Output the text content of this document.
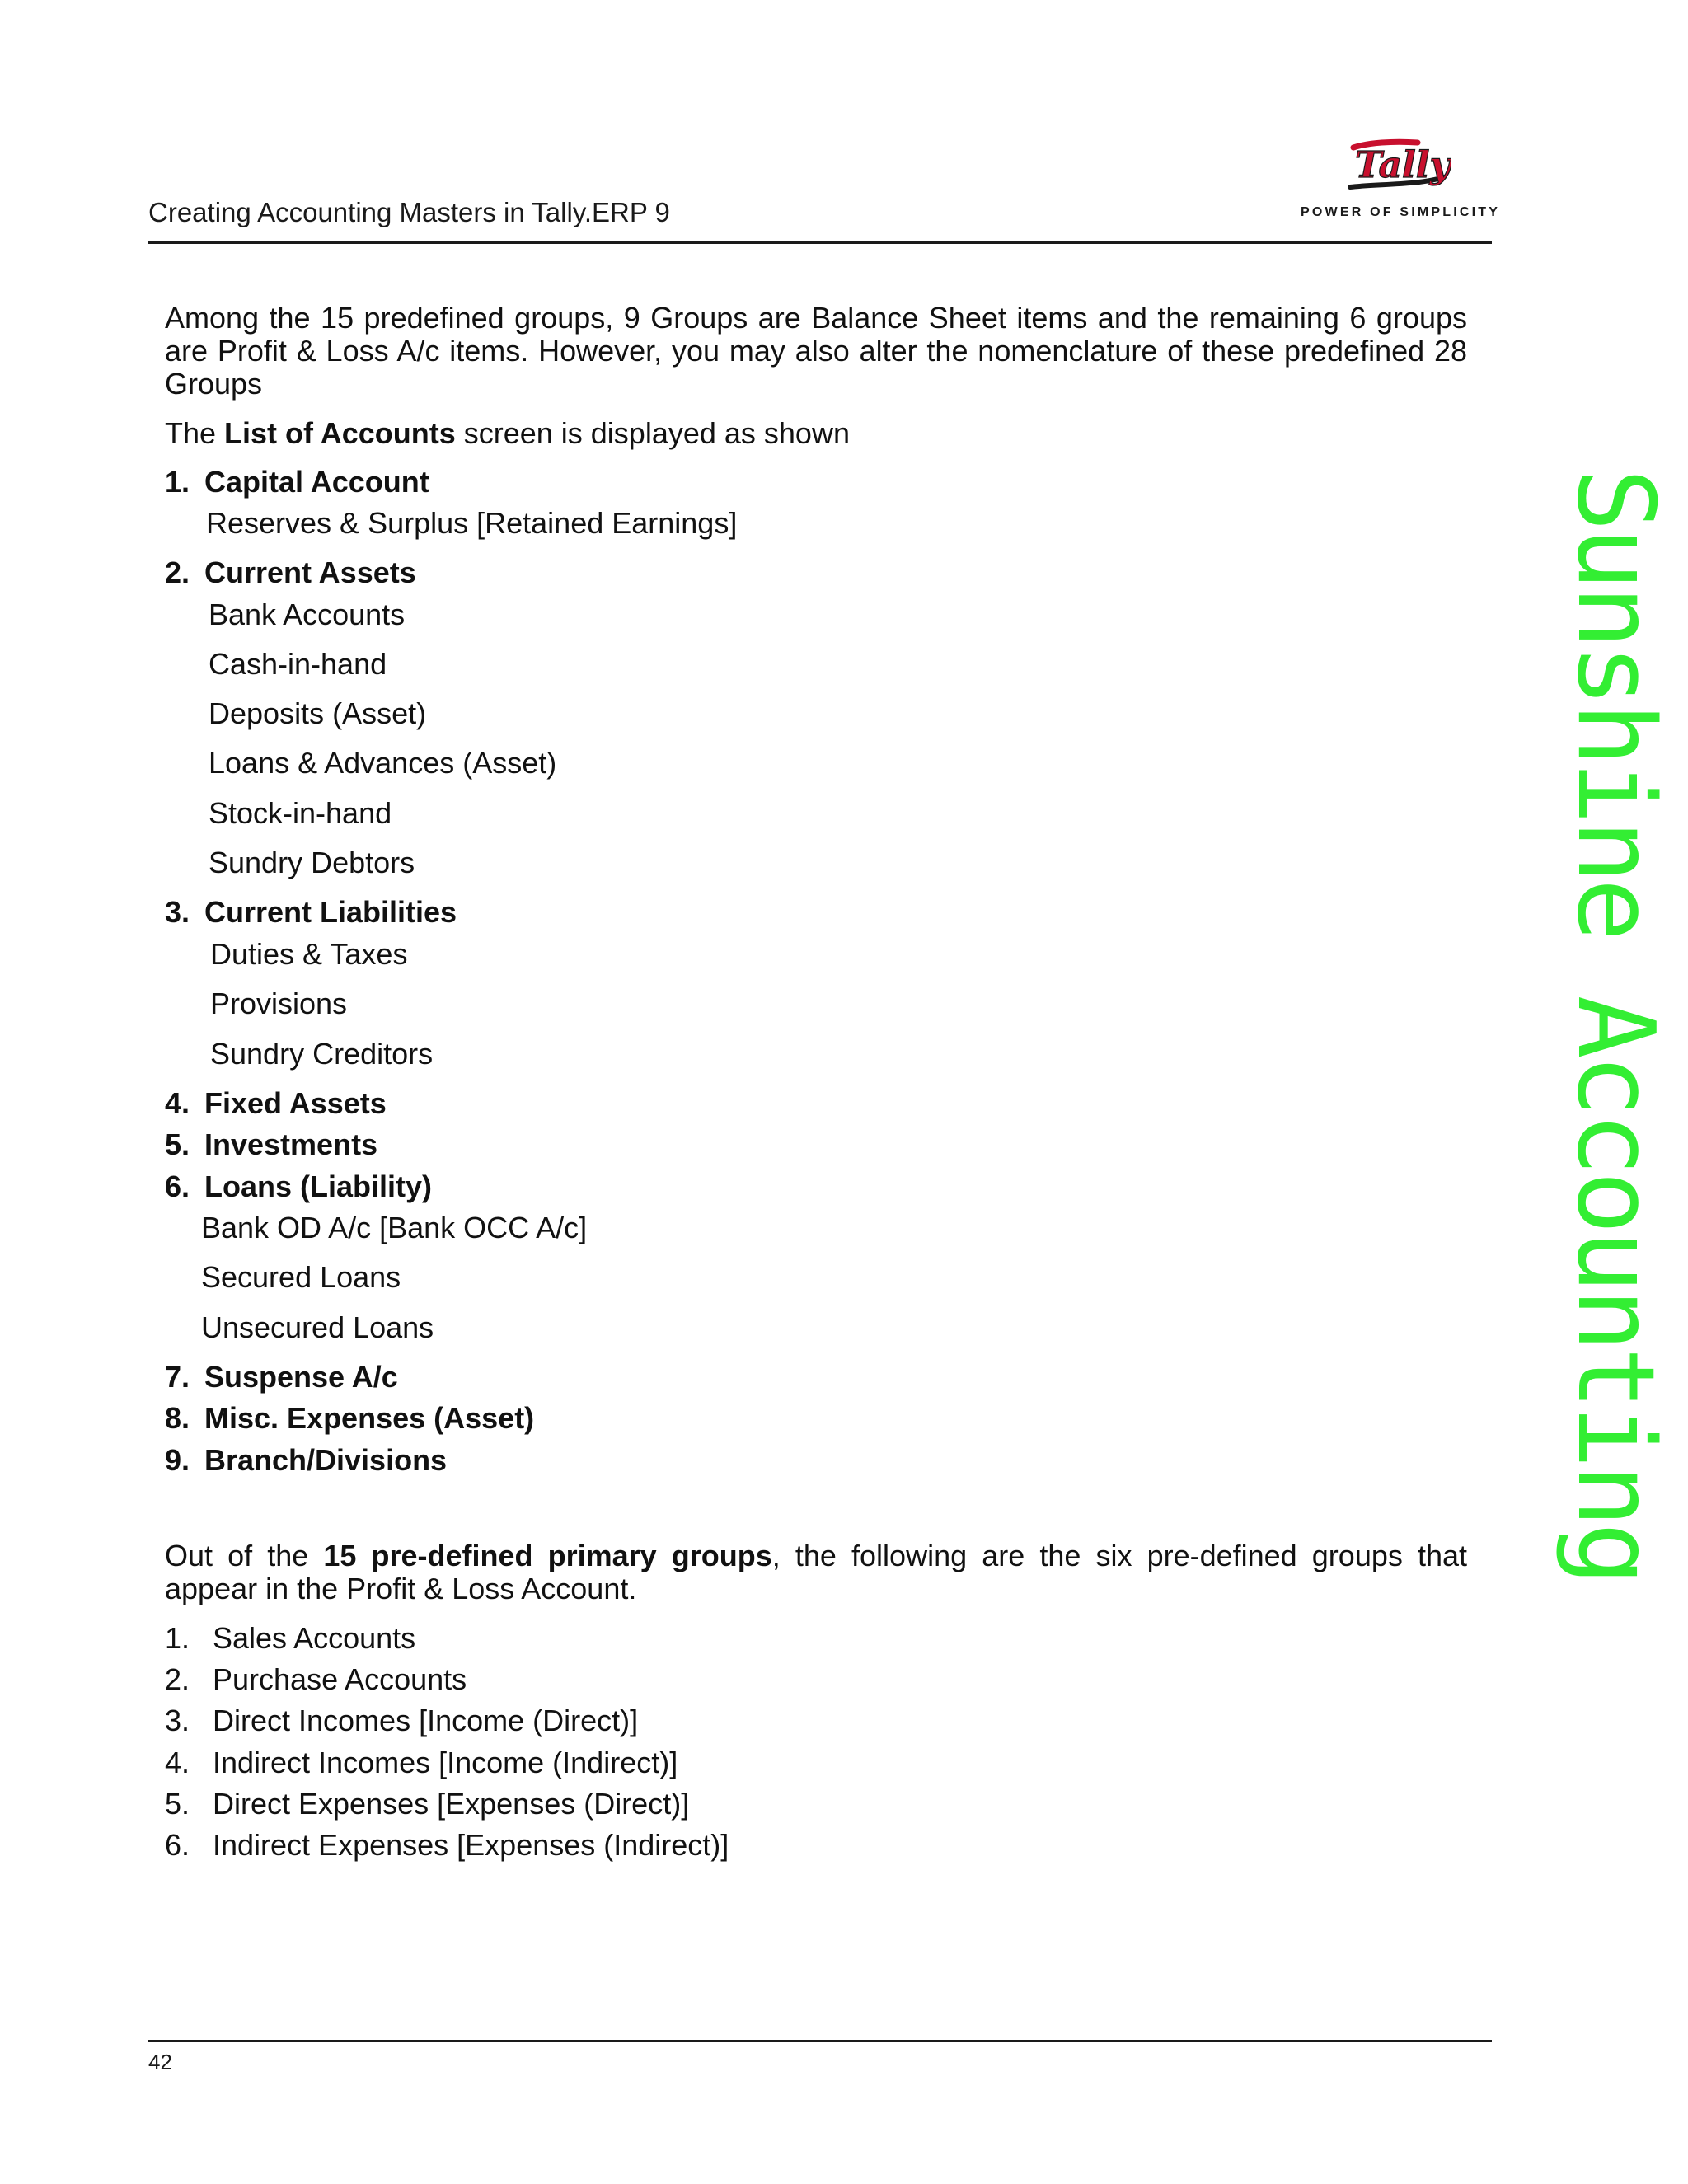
Creating Accounting Masters in Tally.ERP 9
Tally
POWER OF SIMPLICITY
Among the 15 predefined groups, 9 Groups are Balance Sheet items and the remaining 6 groups are Profit & Loss A/c items. However, you may also alter the nomenclature of these predefined 28 Groups
The List of Accounts screen is displayed as shown
1. Capital Account
Reserves & Surplus [Retained Earnings]
2. Current Assets
Bank Accounts
Cash-in-hand
Deposits (Asset)
Loans & Advances (Asset)
Stock-in-hand
Sundry Debtors
3. Current Liabilities
Duties & Taxes
Provisions
Sundry Creditors
4. Fixed Assets
5. Investments
6. Loans (Liability)
Bank OD A/c [Bank OCC A/c]
Secured Loans
Unsecured Loans
7. Suspense A/c
8. Misc. Expenses (Asset)
9. Branch/Divisions
Out of the 15 pre-defined primary groups, the following are the six pre-defined groups that appear in the Profit & Loss Account.
1. Sales Accounts
2. Purchase Accounts
3. Direct Incomes [Income (Direct)]
4. Indirect Incomes [Income (Indirect)]
5. Direct Expenses [Expenses (Direct)]
6. Indirect Expenses [Expenses (Indirect)]
Sunshine Accounting
42
